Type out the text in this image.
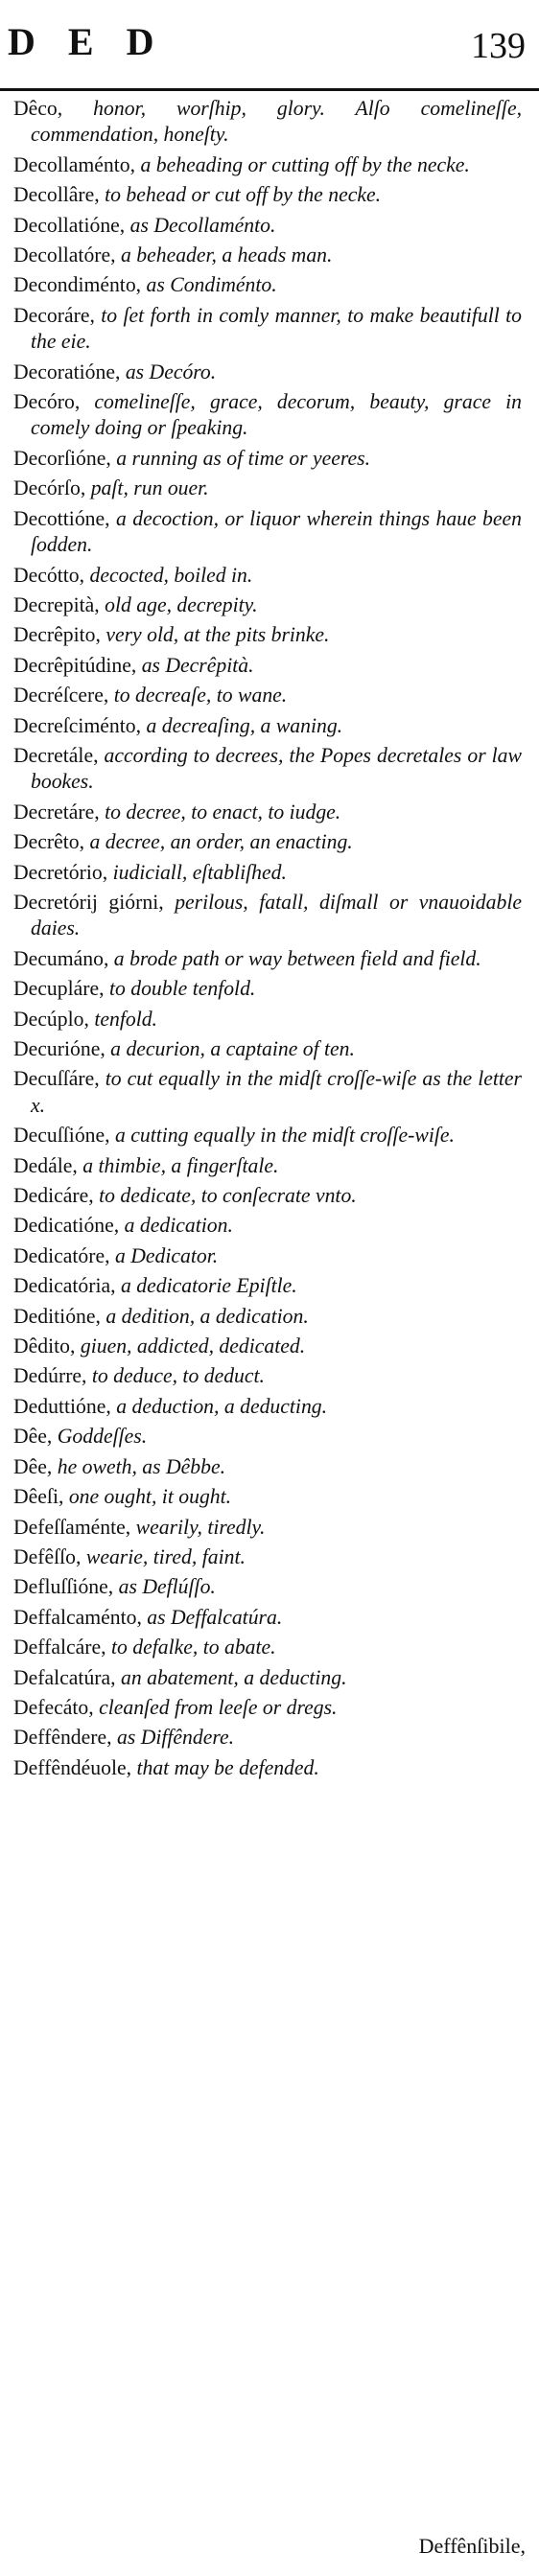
DED	139

Dêco, honor, worſhip, glory. Alſo comelineſſe, commendation, honeſty.

Decollaménto, a beheading or cutting off by the necke.

Decollâre, to behead or cut off by the necke.

Decollatióne, as Decollaménto.

Decollatóre, a beheader, a heads man.

Decondiménto, as Condiménto.

Decoráre, to ſet forth in comly manner, to make beautifull to the eie.

Decoratióne, as Decóro.

Decóro, comelineſſe, grace, decorum, beauty, grace in comely doing or ſpeaking.

Decorſióne, a running as of time or yeeres.

Decórſo, paſt, run ouer.

Decottióne, a decoction, or liquor wherein things haue been ſodden.

Decótto, decocted, boiled in.

Decrepità, old age, decrepity.

Decrêpito, very old, at the pits brinke.

Decrêpitúdine, as Decrêpità.

Decréſcere, to decreaſe, to wane.

Decreſciménto, a decreaſing, a waning.

Decretále, according to decrees, the Popes decretales or law bookes.

Decretáre, to decree, to enact, to iudge.

Decrêto, a decree, an order, an enacting.

Decretório, iudiciall, eſtabliſhed.

Decretórij giórni, perilous, fatall, diſmall or vnauoidable daies.

Decumáno, a brode path or way between field and field.

Decupláre, to double tenfold.

Decúplo, tenfold.

Decurióne, a decurion, a captaine of ten.

Decuſſáre, to cut equally in the midſt croſſe-wiſe as the letter x.

Decuſſióne, a cutting equally in the midſt croſſe-wiſe.

Dedále, a thimbie, a fingerſtale.

Dedicáre, to dedicate, to conſecrate vnto.

Dedicatióne, a dedication.

Dedicatóre, a Dedicator.

Dedicatória, a dedicatorie Epiſtle.

Deditióne, a dedition, a dedication.

Dêdito, giuen, addicted, dedicated.

Dedúrre, to deduce, to deduct.

Deduttióne, a deduction, a deducting.

Dêe, Goddeſſes.

Dêe, he oweth, as Dêbbe.

Dêeſi, one ought, it ought.

Defeſſaménte, wearily, tiredly.

Defêſſo, wearie, tired, faint.

Defluſſióne, as Deflúſſo.

Deffalcaménto, as Deffalcatúra.

Deffalcáre, to defalke, to abate.

Defalcatúra, an abatement, a deducting.

Defecáto, cleanſed from leeſe or dregs.

Deffêndere, as Diffêndere.

Deffêndéuole, that may be defended.

Deffênſibile,
